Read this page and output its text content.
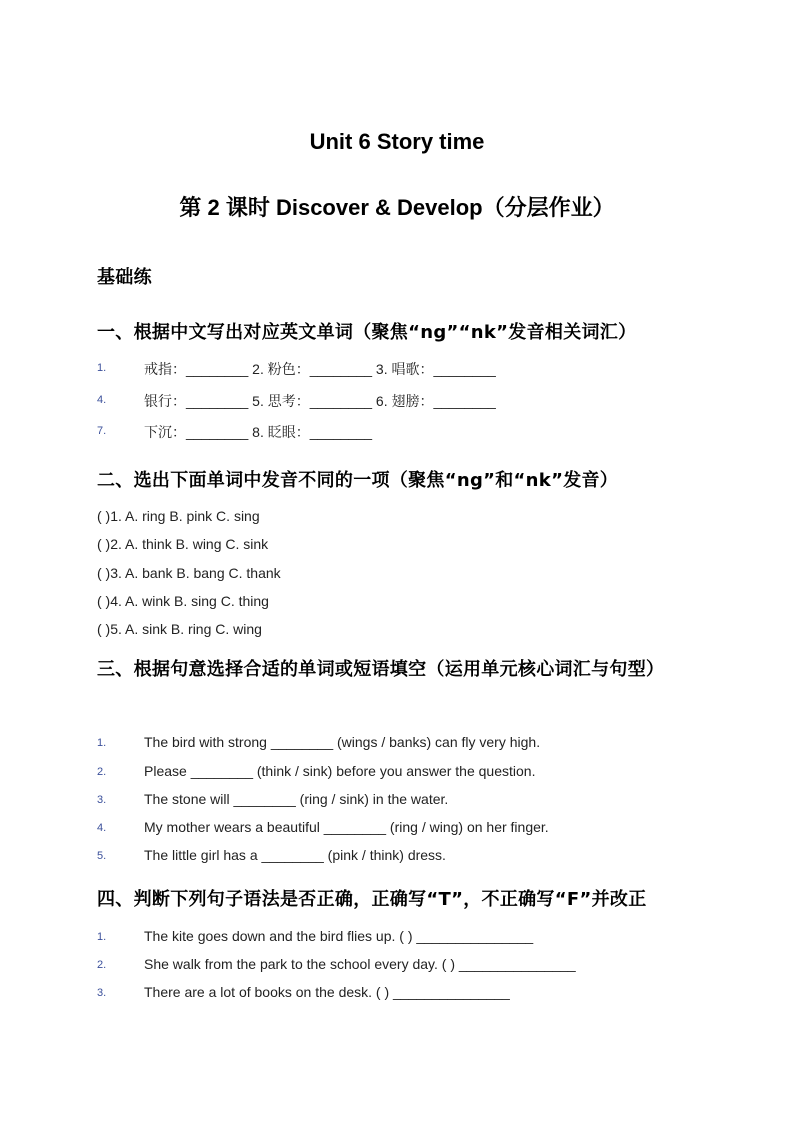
Unit 6 Story time
第 2 课时 Discover & Develop（分层作业）
基础练
一、根据中文写出对应英文单词（聚焦“ng”“nk”发音相关词汇）
1.	戒指：________ 2. 粉色：________ 3. 唱歌：________
4.	银行：________ 5. 思考：________ 6. 翅膀：________
7.	下沉：________ 8. 眨眼：________
二、选出下面单词中发音不同的一项（聚焦“ng”和“nk”发音）
( )1. A. ring B. pink C. sing
( )2. A. think B. wing C. sink
( )3. A. bank B. bang C. thank
( )4. A. wink B. sing C. thing
( )5. A. sink B. ring C. wing
三、根据句意选择合适的单词或短语填空（运用单元核心词汇与句型）
1.	The bird with strong ________ (wings / banks) can fly very high.
2.	Please ________ (think / sink) before you answer the question.
3.	The stone will ________ (ring / sink) in the water.
4.	My mother wears a beautiful ________ (ring / wing) on her finger.
5.	The little girl has a ________ (pink / think) dress.
四、判断下列句子语法是否正确，正确写“T”，不正确写“F”并改正
1.	The kite goes down and the bird flies up. ( ) _______________
2.	She walk from the park to the school every day. ( ) _______________
3.	There are a lot of books on the desk. ( ) _______________
